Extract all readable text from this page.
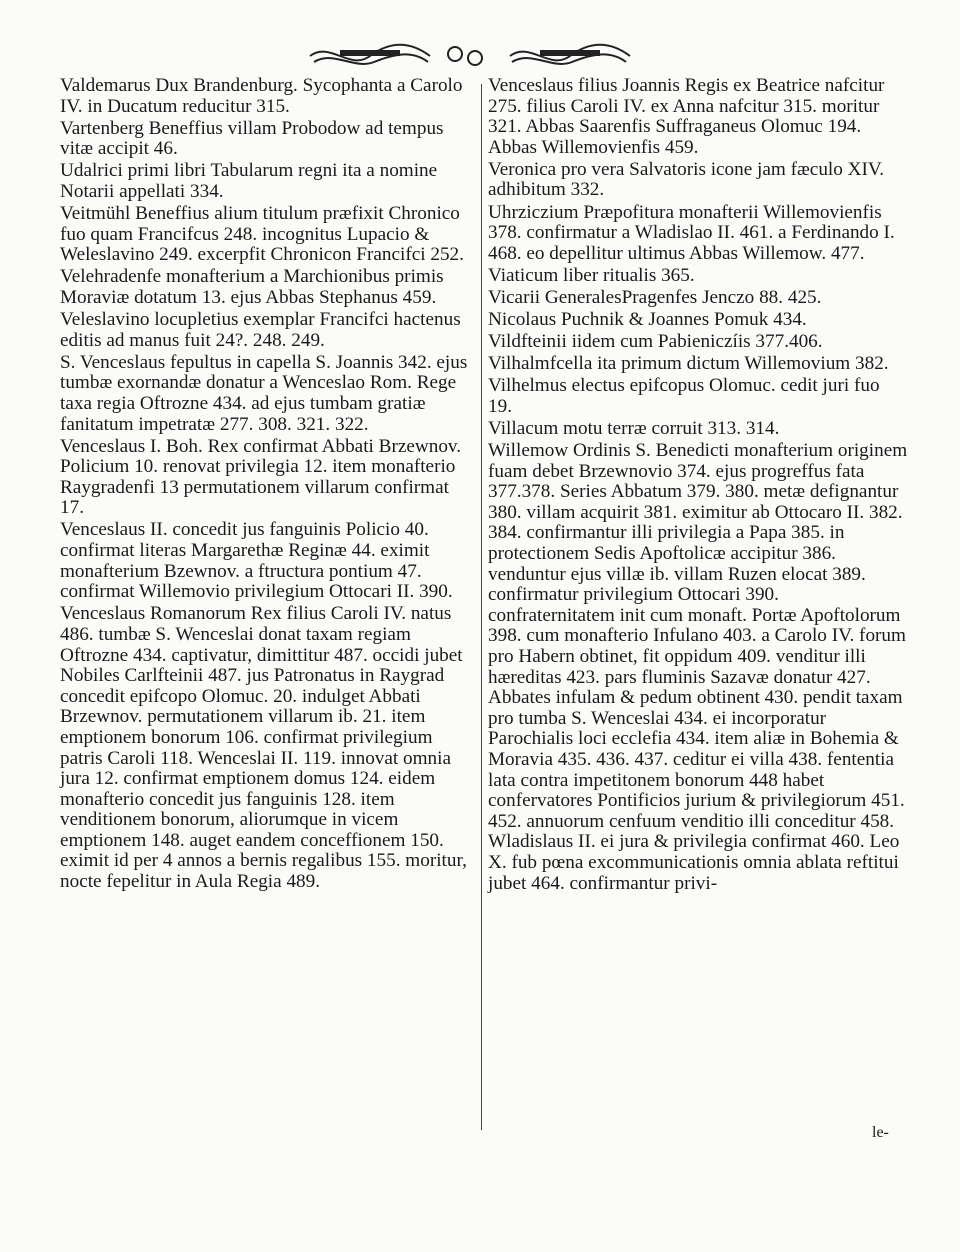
Valdemarus Dux Brandenburg. Sycophanta a Carolo IV. in Ducatum reducitur 315.

Vartenberg Beneffius villam Probodow ad tempus vitæ accipit 46.

Udalrici primi libri Tabularum regni ita a nomine Notarii appellati 334.

Veitmühl Beneffius alium titulum præfixit Chronico fuo quam Francifcus 248. incognitus Lupacio & Weleslavino 249. excerpfit Chronicon Francifci 252.

Velehradenfe monafterium a Marchionibus primis Moraviæ dotatum 13. ejus Abbas Stephanus 459.

Veleslavino locupletius exemplar Francifci hactenus editis ad manus fuit 24?. 248. 249.

S. Venceslaus fepultus in capella S. Joannis 342. ejus tumbæ exornandæ donatur a Wenceslao Rom. Rege taxa regia Oftrozne 434. ad ejus tumbam gratiæ fanitatum impetratæ 277. 308. 321. 322.

Venceslaus I. Boh. Rex confirmat Abbati Brzewnov. Policium 10. renovat privilegia 12. item monafterio Raygradenfi 13 permutationem villarum confirmat 17.

Venceslaus II. concedit jus fanguinis Policio 40. confirmat literas Margarethæ Reginæ 44. eximit monafterium Bzewnov. a ftructura pontium 47. confirmat Willemovio privilegium Ottocari II. 390.

Venceslaus Romanorum Rex filius Caroli IV. natus 486. tumbæ S. Wenceslai donat taxam regiam Oftrozne 434. captivatur, dimittitur 487. occidi jubet Nobiles Carlfteinii 487. jus Patronatus in Raygrad concedit epifcopo Olomuc. 20. indulget Abbati Brzewnov. permutationem villarum ib. 21. item emptionem bonorum 106. confirmat privilegium patris Caroli 118. Wenceslai II. 119. innovat omnia jura 12. confirmat emptionem domus 124. eidem monafterio concedit jus fanguinis 128. item venditionem bonorum, aliorumque in vicem emptionem 148. auget eandem conceffionem 150. eximit id per 4 annos a bernis regalibus 155. moritur, nocte fepelitur in Aula Regia 489.

Venceslaus filius Joannis Regis ex Beatrice nafcitur 275. filius Caroli IV. ex Anna nafcitur 315. moritur 321. Abbas Saarenfis Suffraganeus Olomuc 194. Abbas Willemovienfis 459.

Veronica pro vera Salvatoris icone jam fæculo XIV. adhibitum 332.

Uhrziczium Præpofitura monafterii Willemovienfis 378. confirmatur a Wladislao II. 461. a Ferdinando I. 468. eo depellitur ultimus Abbas Willemow. 477.

Viaticum liber ritualis 365.

Vicarii GeneralesPragenfes Jenczo 88. 425.

Nicolaus Puchnik & Joannes Pomuk 434.

Vildfteinii iidem cum Pabieniczíis 377.406.

Vilhalmfcella ita primum dictum Willemovium 382.

Vilhelmus electus epifcopus Olomuc. cedit juri fuo 19.

Villacum motu terræ corruit 313. 314.

Willemow Ordinis S. Benedicti monafterium originem fuam debet Brzewnovio 374. ejus progreffus fata 377.378. Series Abbatum 379. 380. metæ defignantur 380. villam acquirit 381. eximitur ab Ottocaro II. 382. 384. confirmantur illi privilegia a Papa 385. in protectionem Sedis Apoftolicæ accipitur 386. venduntur ejus villæ ib. villam Ruzen elocat 389. confirmatur privilegium Ottocari 390. confraternitatem init cum monaft. Portæ Apoftolorum 398. cum monafterio Infulano 403. a Carolo IV. forum pro Habern obtinet, fit oppidum 409. venditur illi hæreditas 423. pars fluminis Sazavæ donatur 427. Abbates infulam & pedum obtinent 430. pendit taxam pro tumba S. Wenceslai 434. ei incorporatur Parochialis loci ecclefia 434. item aliæ in Bohemia & Moravia 435. 436. 437. ceditur ei villa 438. fententia lata contra impetitonem bonorum 448 habet confervatores Pontificios jurium & privilegiorum 451. 452. annuorum cenfuum venditio illi conceditur 458. Wladislaus II. ei jura & privilegia confirmat 460. Leo X. fub pœna excommunicationis omnia ablata reftitui jubet 464. confirmantur privi-

le-
